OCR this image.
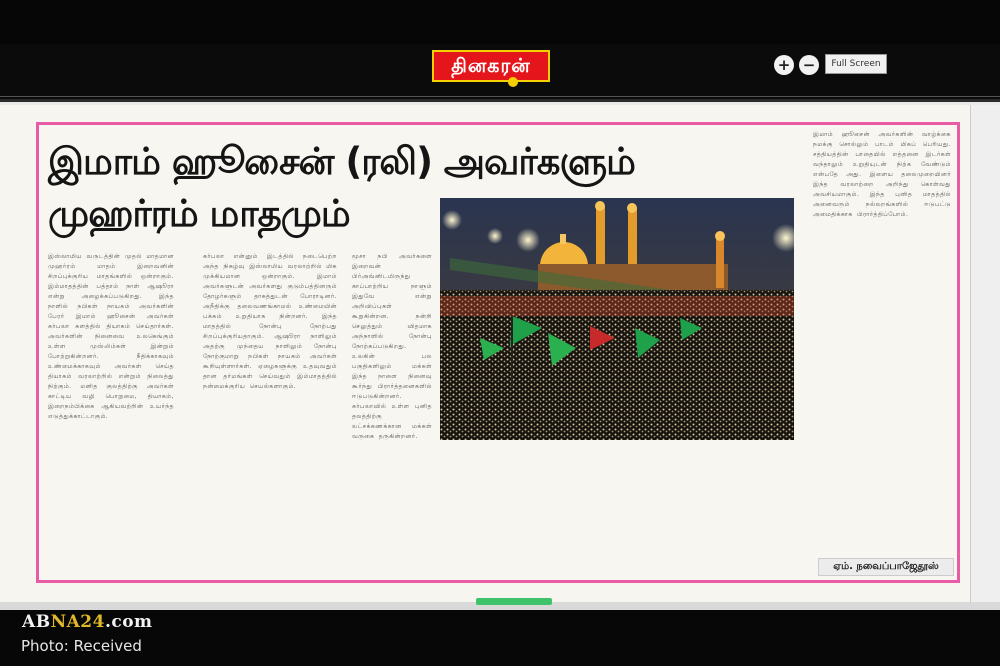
தினகரன்	+ −	Full Screen
இமாம் ஹூசைன் (ரலி) அவர்களும்
முஹர்ரம் மாதமும்

இஸ்லாமிய வருடத்தின் முதல் மாதமான முஹர்ரம் மாதம் இறைவனின் சிறப்புக்குரிய மாதங்களில் ஒன்றாகும். இம்மாதத்தின் பத்தாம் நாள் ஆஷூரா என்று அழைக்கப்படுகிறது. இந்த நாளில் நபிகள் நாயகம் அவர்களின் பேரர் இமாம் ஹூசைன் அவர்கள் கர்பலா களத்தில் தியாகம் செய்தார்கள். அவர்களின் நினைவை உலகெங்கும் உள்ள முஸ்லிம்கள் இன்றும் போற்றுகின்றனர். நீதிக்காகவும் உண்மைக்காகவும் அவர்கள் செய்த தியாகம் வரலாற்றில் என்றும் நிலைத்து நிற்கும். மனித குலத்திற்கு அவர்கள் காட்டிய வழி பொறுமை, தியாகம், இறைநம்பிக்கை ஆகியவற்றின் உயர்ந்த எடுத்துக்காட்டாகும்.

கர்பலா என்னும் இடத்தில் நடைபெற்ற அந்த நிகழ்வு இஸ்லாமிய வரலாற்றில் மிக முக்கியமான ஒன்றாகும். இமாம் அவர்களுடன் அவர்களது குடும்பத்தினரும் தோழர்களும் தாகத்துடன் போராடினர். அநீதிக்கு தலைவணங்காமல் உண்மையின் பக்கம் உறுதியாக நின்றனர். இந்த மாதத்தில் நோன்பு நோற்பது சிறப்புக்குரியதாகும். ஆஷூரா நாளிலும் அதற்கு முந்தைய நாளிலும் நோன்பு நோற்குமாறு நபிகள் நாயகம் அவர்கள் கூறியுள்ளார்கள். ஏழைகளுக்கு உதவுவதும் தான தர்மங்கள் செய்வதும் இம்மாதத்தில் நன்மைக்குரிய செயல்களாகும்.

மூசா நபி அவர்களை இறைவன் பிர்அவ்னிடமிருந்து காப்பாற்றிய நாளும் இதுவே என்று அறிவிப்புகள் கூறுகின்றன. நன்றி செலுத்தும் விதமாக அந்நாளில் நோன்பு நோற்கப்படுகிறது. உலகின் பல பகுதிகளிலும் மக்கள் இந்த நாளை நினைவு கூர்ந்து பிரார்த்தனைகளில் ஈடுபடுகின்றனர். கர்பலாவில் உள்ள புனித தலத்திற்கு லட்சக்கணக்கான மக்கள் வருகை தருகின்றனர்.

இமாம் ஹூசைன் அவர்களின் வாழ்க்கை நமக்கு சொல்லும் பாடம் மிகப் பெரியது. சத்தியத்தின் பாதையில் எத்தனை இடர்கள் வந்தாலும் உறுதியுடன் நிற்க வேண்டும் என்பதே அது. இளைய தலைமுறையினர் இந்த வரலாற்றை அறிந்து கொள்வது அவசியமாகும். இந்த புனித மாதத்தில் அனைவரும் நல்லறங்களில் ஈடுபட்டு அமைதிக்காக பிரார்த்திப்போம்.

ஏம். நவைப்பாஜேதூஸ்
ABNA24.com
Photo: Received
